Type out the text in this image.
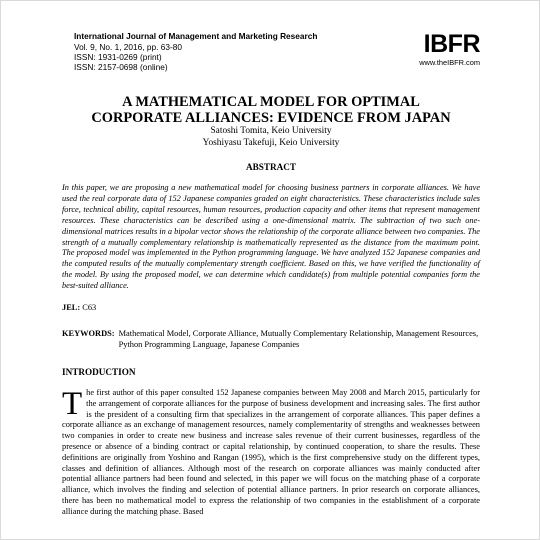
International Journal of Management and Marketing Research
Vol. 9, No. 1, 2016, pp. 63-80
ISSN: 1931-0269 (print)
ISSN: 2157-0698 (online)
IBFR
www.theIBFR.com
A MATHEMATICAL MODEL FOR OPTIMAL
CORPORATE ALLIANCES: EVIDENCE FROM JAPAN
Satoshi Tomita, Keio University
Yoshiyasu Takefuji, Keio University
ABSTRACT

In this paper, we are proposing a new mathematical model for choosing business partners in corporate alliances. We have used the real corporate data of 152 Japanese companies graded on eight characteristics. These characteristics include sales force, technical ability, capital resources, human resources, production capacity and other items that represent management resources. These characteristics can be described using a one-dimensional matrix. The subtraction of two such one-dimensional matrices results in a bipolar vector shows the relationship of the corporate alliance between two companies. The strength of a mutually complementary relationship is mathematically represented as the distance from the maximum point. The proposed model was implemented in the Python programming language. We have analyzed 152 Japanese companies and the computed results of the mutually complementary strength coefficient. Based on this, we have verified the functionality of the model. By using the proposed model, we can determine which candidate(s) from multiple potential companies form the best-suited alliance.

JEL: C63
KEYWORDS: Mathematical Model, Corporate Alliance, Mutually Complementary Relationship, Management Resources, Python Programming Language, Japanese Companies
INTRODUCTION
The first author of this paper consulted 152 Japanese companies between May 2008 and March 2015, particularly for the arrangement of corporate alliances for the purpose of business development and increasing sales. The first author is the president of a consulting firm that specializes in the arrangement of corporate alliances. This paper defines a corporate alliance as an exchange of management resources, namely complementarity of strengths and weaknesses between two companies in order to create new business and increase sales revenue of their current businesses, regardless of the presence or absence of a binding contract or capital relationship, by continued cooperation, to share the results. These definitions are originally from Yoshino and Rangan (1995), which is the first comprehensive study on the different types, classes and definition of alliances. Although most of the research on corporate alliances was mainly conducted after potential alliance partners had been found and selected, in this paper we will focus on the matching phase of a corporate alliance, which involves the finding and selection of potential alliance partners. In prior research on corporate alliances, there has been no mathematical model to express the relationship of two companies in the establishment of a corporate alliance during the matching phase. Based
